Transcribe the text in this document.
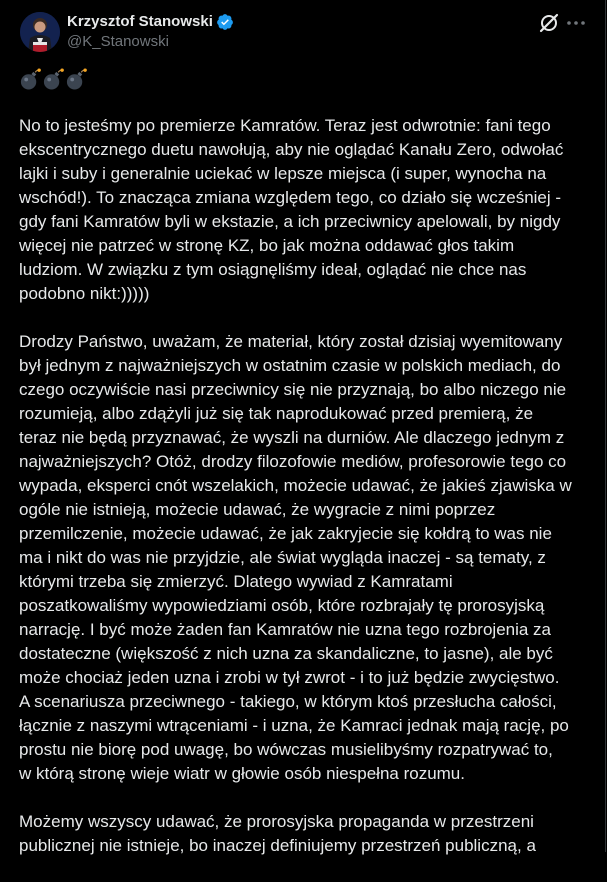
Krzysztof Stanowski
@K_Stanowski

No to jesteśmy po premierze Kamratów. Teraz jest odwrotnie: fani tego
ekscentrycznego duetu nawołują, aby nie oglądać Kanału Zero, odwołać
lajki i suby i generalnie uciekać w lepsze miejsca (i super, wynocha na
wschód!). To znacząca zmiana względem tego, co działo się wcześniej -
gdy fani Kamratów byli w ekstazie, a ich przeciwnicy apelowali, by nigdy
więcej nie patrzeć w stronę KZ, bo jak można oddawać głos takim
ludziom. W związku z tym osiągnęliśmy ideał, oglądać nie chce nas
podobno nikt:)))))

Drodzy Państwo, uważam, że materiał, który został dzisiaj wyemitowany
był jednym z najważniejszych w ostatnim czasie w polskich mediach, do
czego oczywiście nasi przeciwnicy się nie przyznają, bo albo niczego nie
rozumieją, albo zdążyli już się tak naprodukować przed premierą, że
teraz nie będą przyznawać, że wyszli na durniów. Ale dlaczego jednym z
najważniejszych? Otóż, drodzy filozofowie mediów, profesorowie tego co
wypada, eksperci cnót wszelakich, możecie udawać, że jakieś zjawiska w
ogóle nie istnieją, możecie udawać, że wygracie z nimi poprzez
przemilczenie, możecie udawać, że jak zakryjecie się kołdrą to was nie
ma i nikt do was nie przyjdzie, ale świat wygląda inaczej - są tematy, z
którymi trzeba się zmierzyć. Dlatego wywiad z Kamratami
poszatkowaliśmy wypowiedziami osób, które rozbrajały tę prorosyjską
narrację. I być może żaden fan Kamratów nie uzna tego rozbrojenia za
dostateczne (większość z nich uzna za skandaliczne, to jasne), ale być
może chociaż jeden uzna i zrobi w tył zwrot - i to już będzie zwycięstwo.
A scenariusza przeciwnego - takiego, w którym ktoś przesłucha całości,
łącznie z naszymi wtrąceniami - i uzna, że Kamraci jednak mają rację, po
prostu nie biorę pod uwagę, bo wówczas musielibyśmy rozpatrywać to,
w którą stronę wieje wiatr w głowie osób niespełna rozumu.

Możemy wszyscy udawać, że prorosyjska propaganda w przestrzeni
publicznej nie istnieje, bo inaczej definiujemy przestrzeń publiczną, a
